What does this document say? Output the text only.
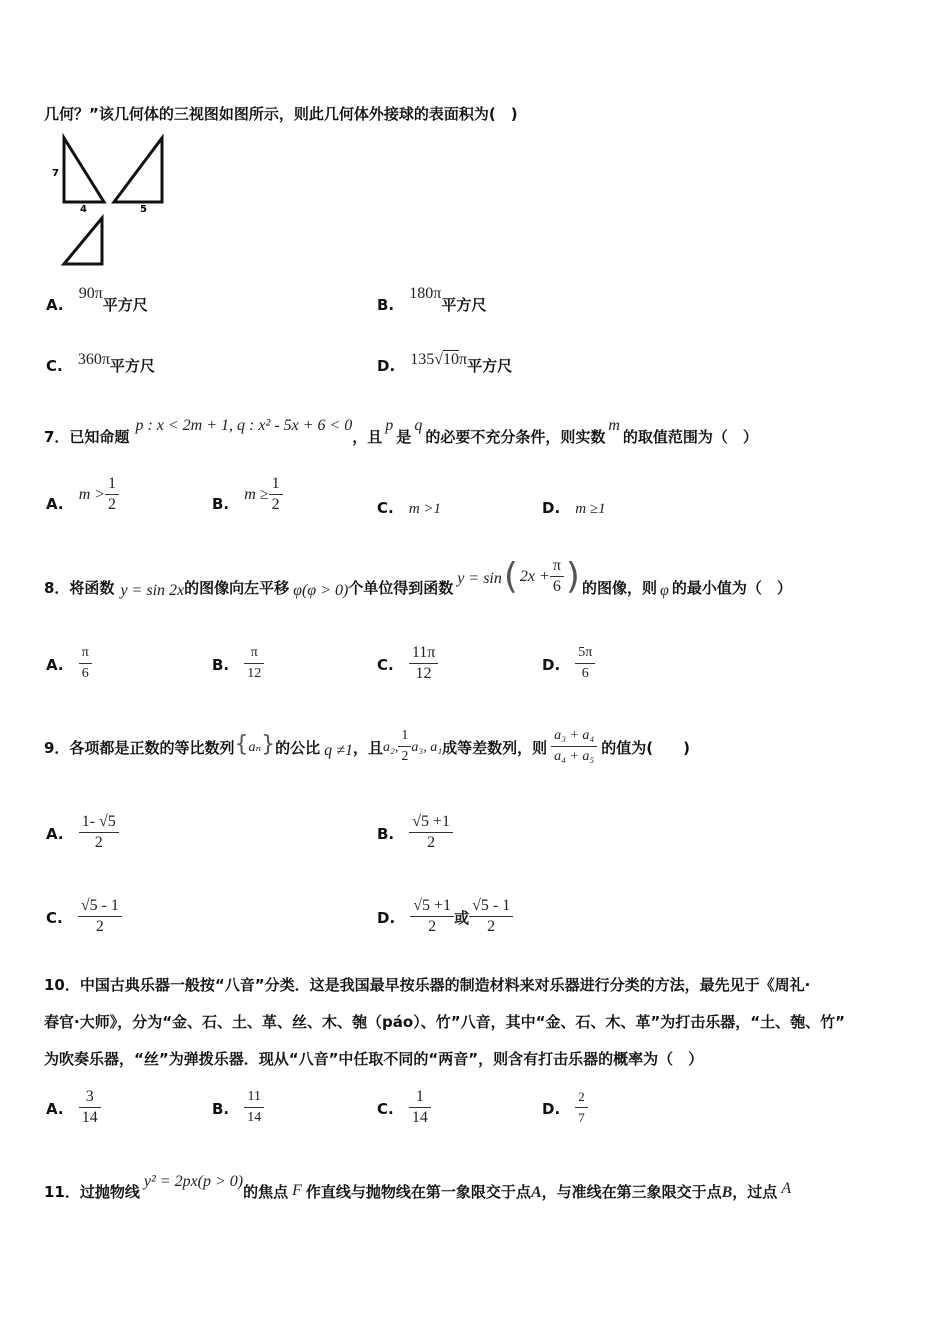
几何？”该几何体的三视图如图所示，则此几何体外接球的表面积为(　)
7
4	5
A. 90π平方尺	B. 180π平方尺
C. 360π平方尺	D. 135√10π平方尺
7．已知命题p : x < 2m + 1, q : x² - 5x + 6 < 0，且p是q的必要不充分条件，则实数m的取值范围为（　）
A. $m > \frac{1}{2}$	B. $m \ge \frac{1}{2}$	C. m >1	D. m ≥1
8．将函数 y = sin 2x的图像向左平移 φ(φ > 0)个单位得到函数y = sin( $2x + \frac{\pi}{6}$ ) 的图像，则 φ 的最小值为（　）
A. $\frac{\pi}{6}$	B. $\frac{\pi}{12}$	C. $\frac{11\pi}{12}$	D. $\frac{5\pi}{6}$
9．各项都是正数的等比数列{aₙ}的公比 q ≠1，且a₂, $\frac{1}{2} a_3$, a₁成等差数列，则 $\frac{\text{a₃ + a₄}}{\text{a₄ + a₅}}$ 的值为(　　)
A. $\frac{1- √5}{2}$	B. $\frac{√5 +1}{2}$
C. $\frac{√5 - 1}{2}$	D. $\frac{√5 +1}{2}$ 或 $\frac{√5 - 1}{2}$
10．中国古典乐器一般按“八音”分类．这是我国最早按乐器的制造材料来对乐器进行分类的方法，最先见于《周礼·
春官·大师》，分为“金、石、土、革、丝、木、匏（páo）、竹”八音，其中“金、石、木、革”为打击乐器，“土、匏、竹”
为吹奏乐器，“丝”为弹拨乐器．现从“八音”中任取不同的“两音”，则含有打击乐器的概率为（　）
A. $\frac{3}{14}$	B. $\frac{11}{14}$	C. $\frac{1}{14}$	D. $\frac{2}{7}$
11．过抛物线y² = 2px(p > 0)的焦点 F 作直线与抛物线在第一象限交于点A，与准线在第三象限交于点B，过点 A
